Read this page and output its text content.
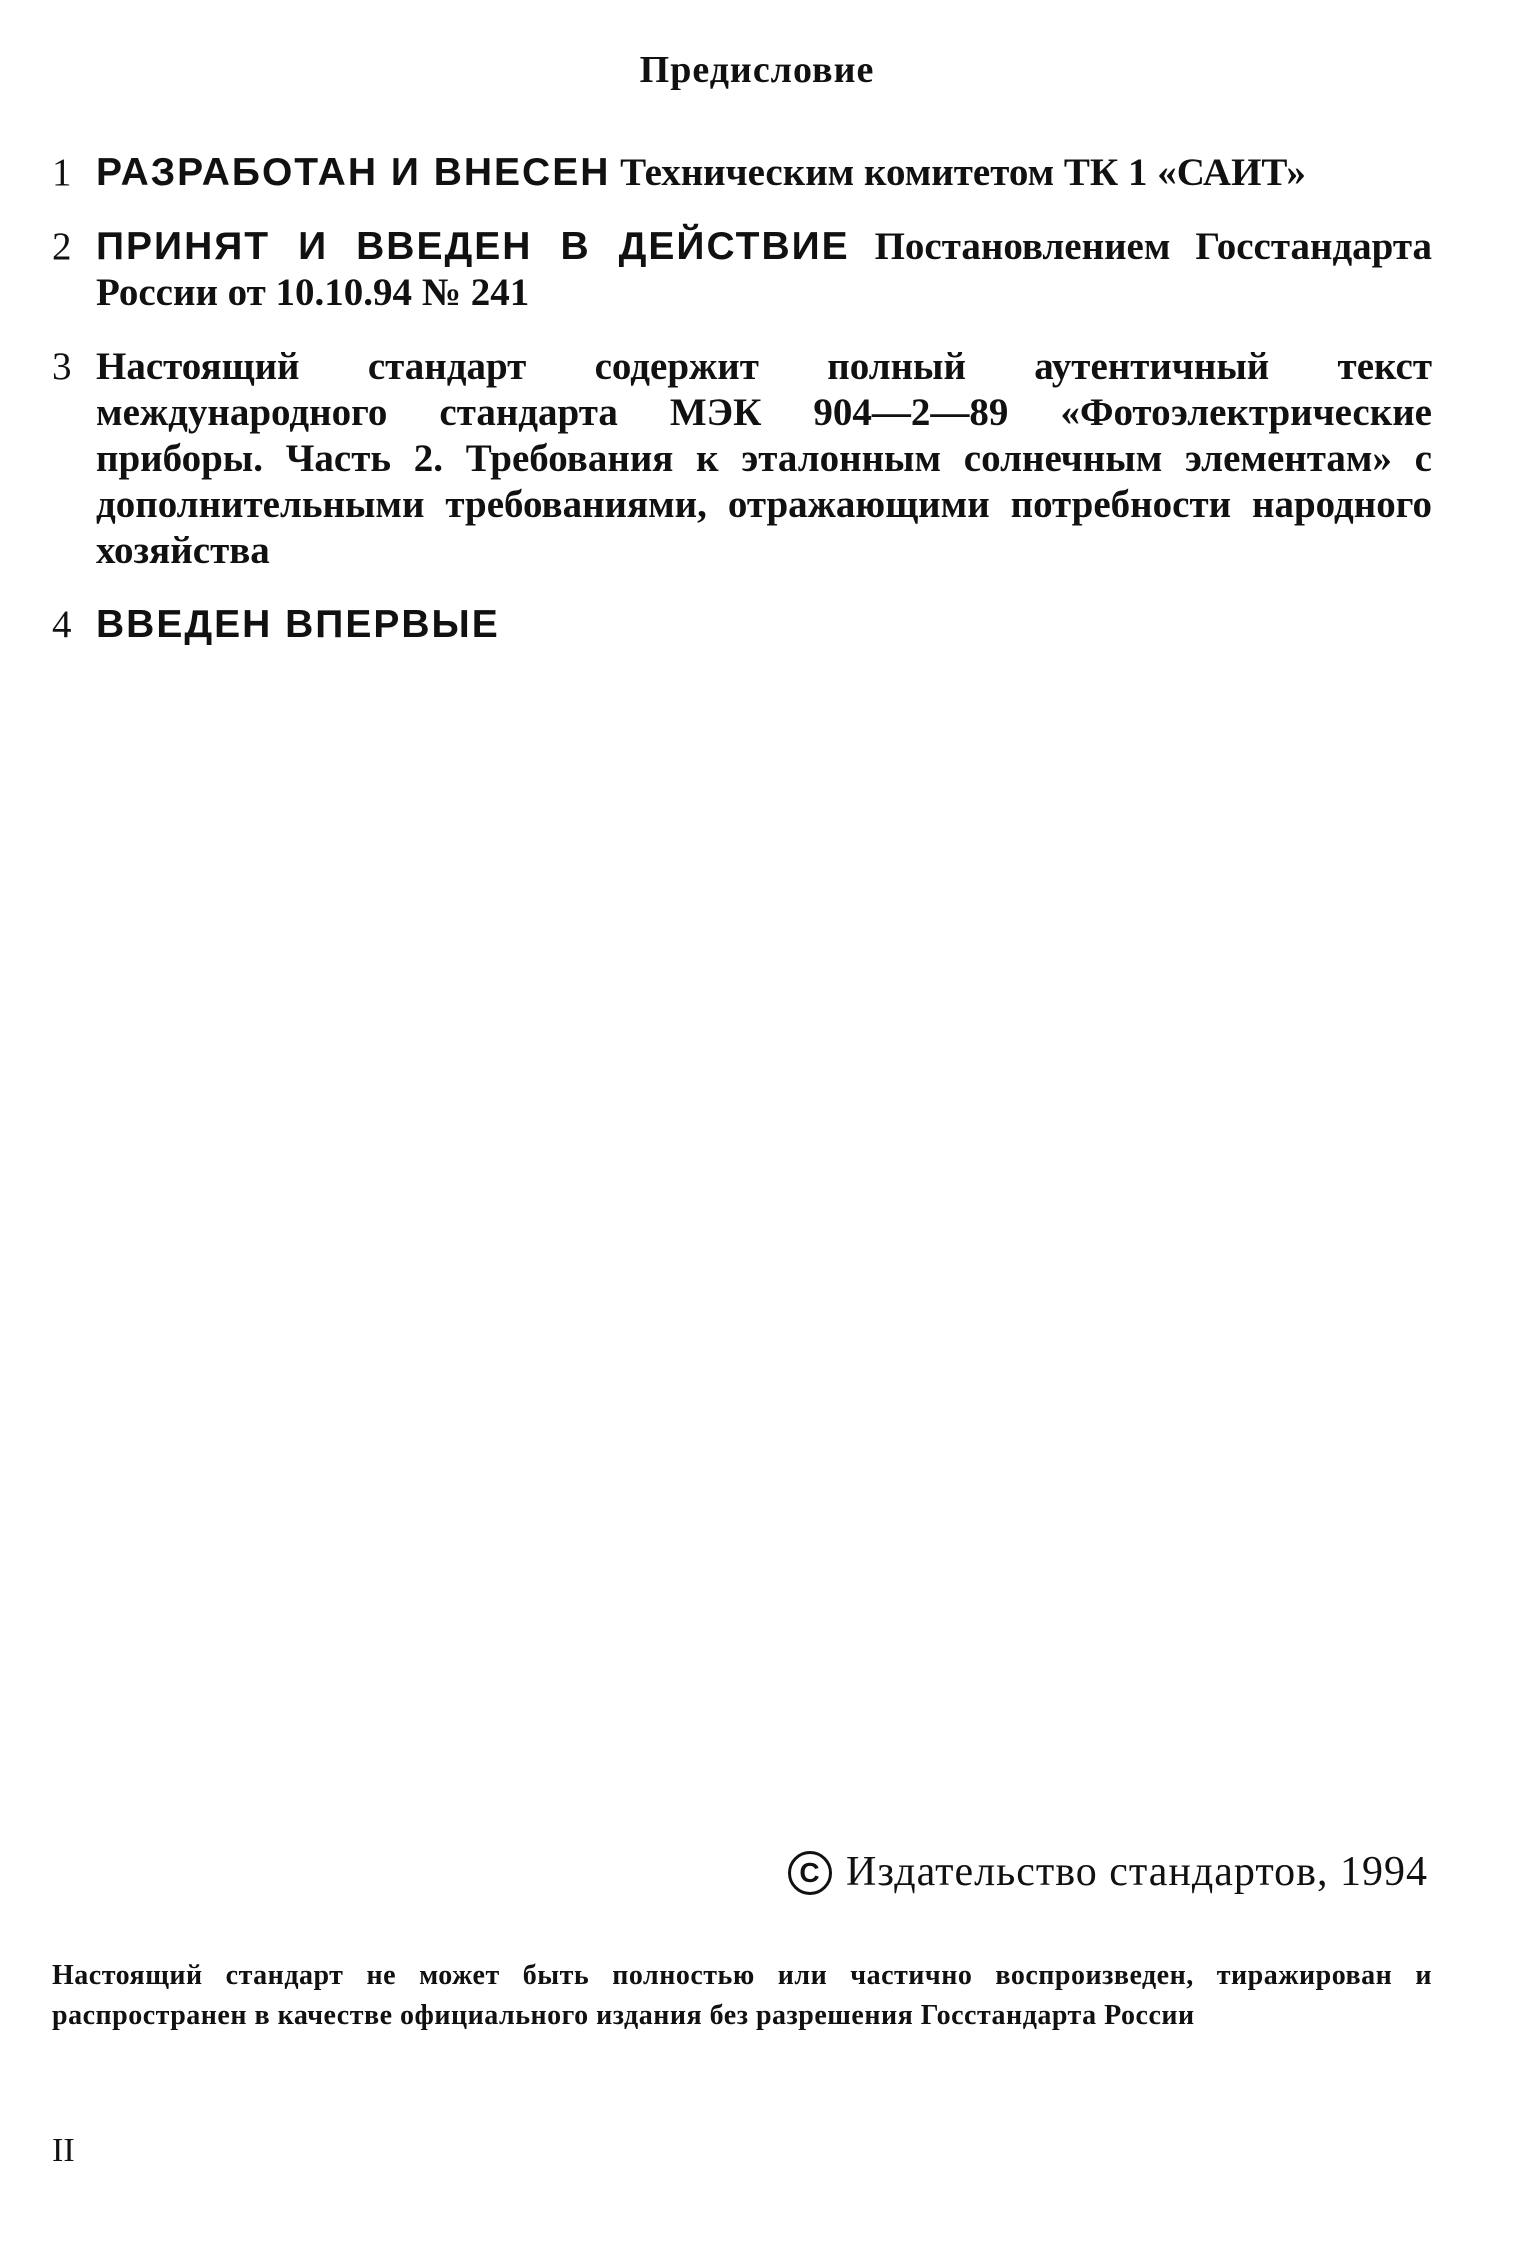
Предисловие
1 РАЗРАБОТАН И ВНЕСЕН Техническим комитетом ТК 1 «САИТ»
2 ПРИНЯТ И ВВЕДЕН В ДЕЙСТВИЕ Постановлением Госстандарта России от 10.10.94 № 241
3 Настоящий стандарт содержит полный аутентичный текст международного стандарта МЭК 904—2—89 «Фотоэлектрические приборы. Часть 2. Требования к эталонным солнечным элементам» с дополнительными требованиями, отражающими потребности народного хозяйства
4 ВВЕДЕН ВПЕРВЫЕ
C Издательство стандартов, 1994
Настоящий стандарт не может быть полностью или частично воспроизведен, тиражирован и распространен в качестве официального издания без разрешения Госстандарта России
II
